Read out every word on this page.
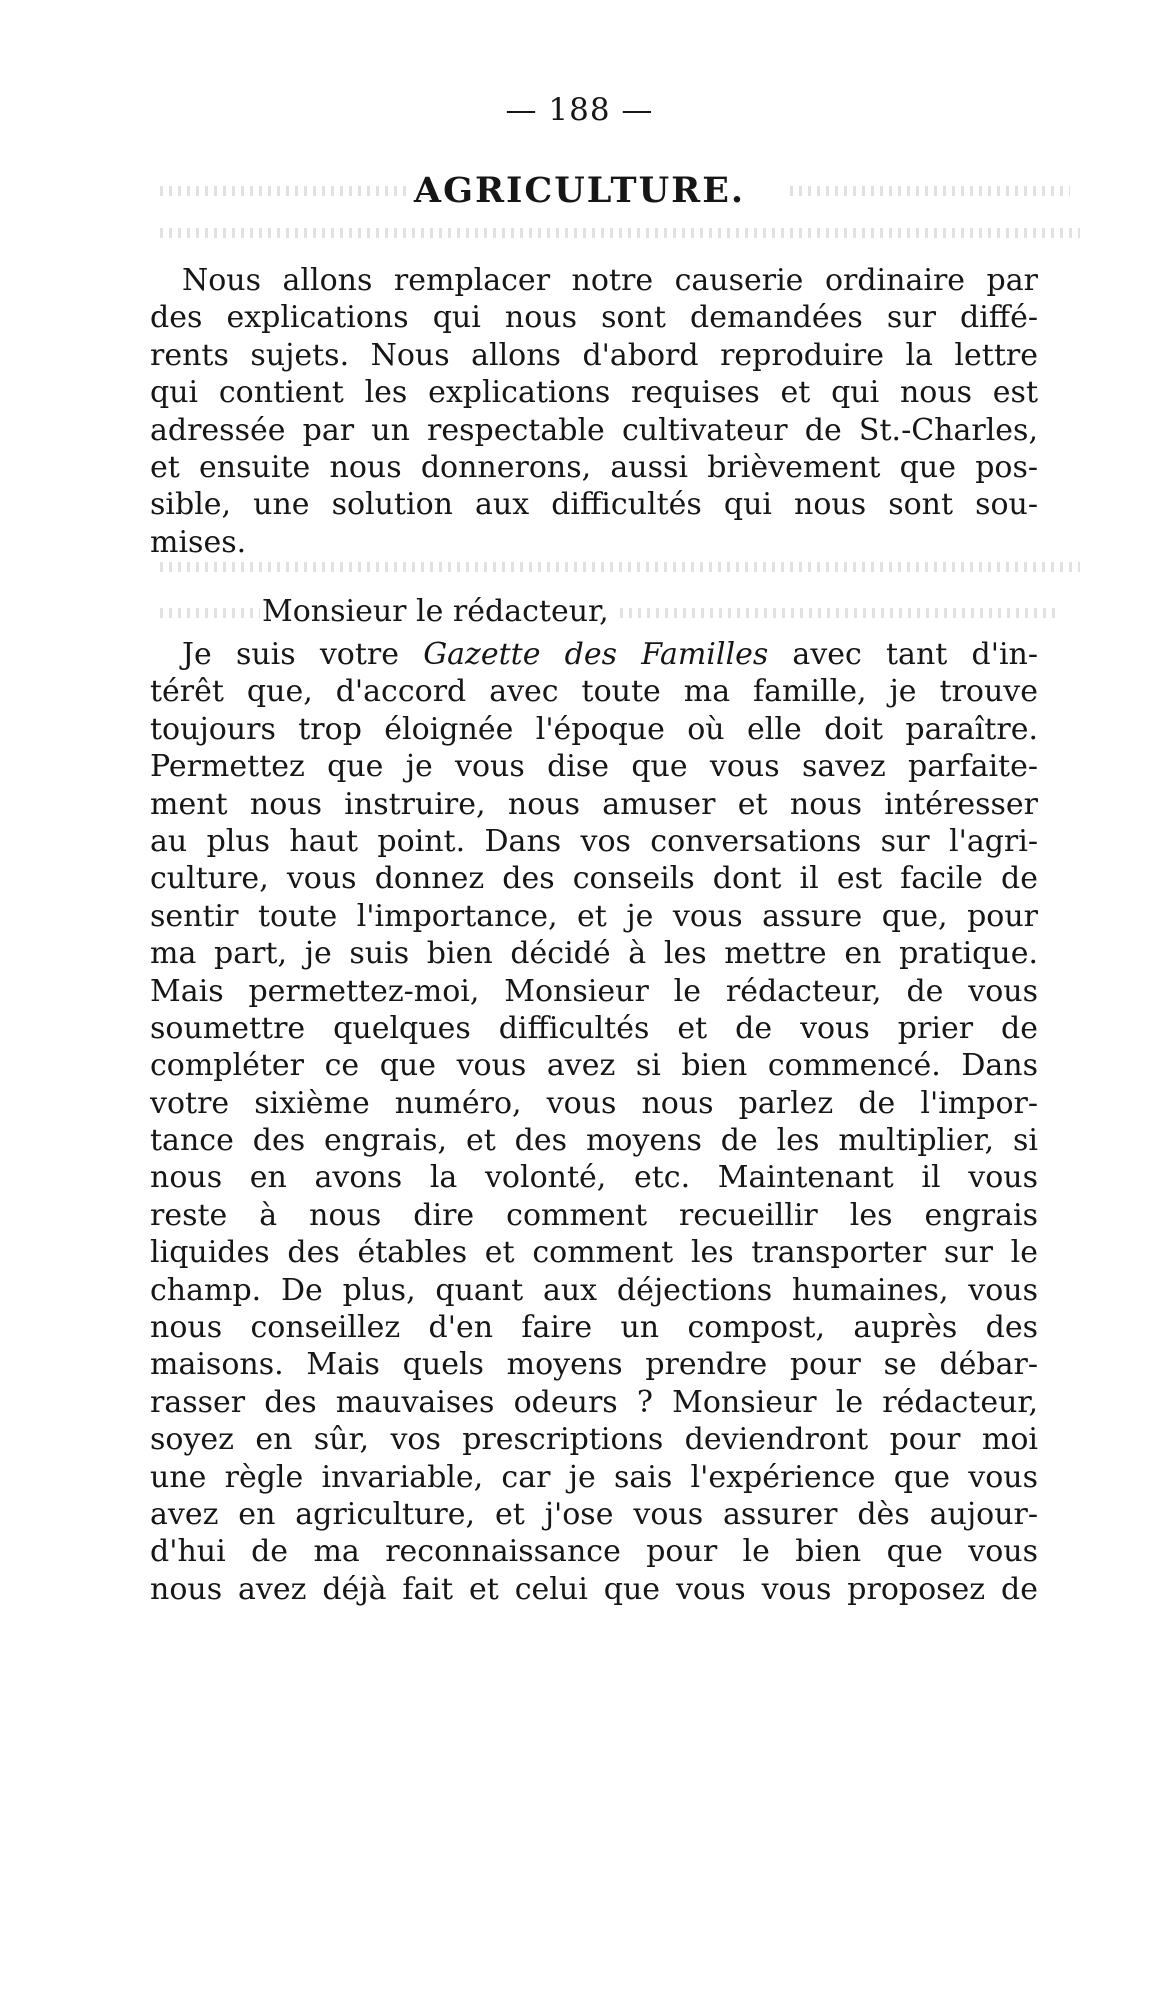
— 188 —
AGRICULTURE.
Nous allons remplacer notre causerie ordinaire par
des explications qui nous sont demandées sur diffé-
rents sujets. Nous allons d'abord reproduire la lettre
qui contient les explications requises et qui nous est
adressée par un respectable cultivateur de St.-Charles,
et ensuite nous donnerons, aussi brièvement que pos-
sible, une solution aux difficultés qui nous sont sou-
mises.
Monsieur le rédacteur,
Je suis votre Gazette des Familles avec tant d'in-
térêt que, d'accord avec toute ma famille, je trouve
toujours trop éloignée l'époque où elle doit paraître.
Permettez que je vous dise que vous savez parfaite-
ment nous instruire, nous amuser et nous intéresser
au plus haut point. Dans vos conversations sur l'agri-
culture, vous donnez des conseils dont il est facile de
sentir toute l'importance, et je vous assure que, pour
ma part, je suis bien décidé à les mettre en pratique.
Mais permettez-moi, Monsieur le rédacteur, de vous
soumettre quelques difficultés et de vous prier de
compléter ce que vous avez si bien commencé. Dans
votre sixième numéro, vous nous parlez de l'impor-
tance des engrais, et des moyens de les multiplier, si
nous en avons la volonté, etc. Maintenant il vous
reste à nous dire comment recueillir les engrais
liquides des étables et comment les transporter sur le
champ. De plus, quant aux déjections humaines, vous
nous conseillez d'en faire un compost, auprès des
maisons. Mais quels moyens prendre pour se débar-
rasser des mauvaises odeurs ? Monsieur le rédacteur,
soyez en sûr, vos prescriptions deviendront pour moi
une règle invariable, car je sais l'expérience que vous
avez en agriculture, et j'ose vous assurer dès aujour-
d'hui de ma reconnaissance pour le bien que vous
nous avez déjà fait et celui que vous vous proposez de
